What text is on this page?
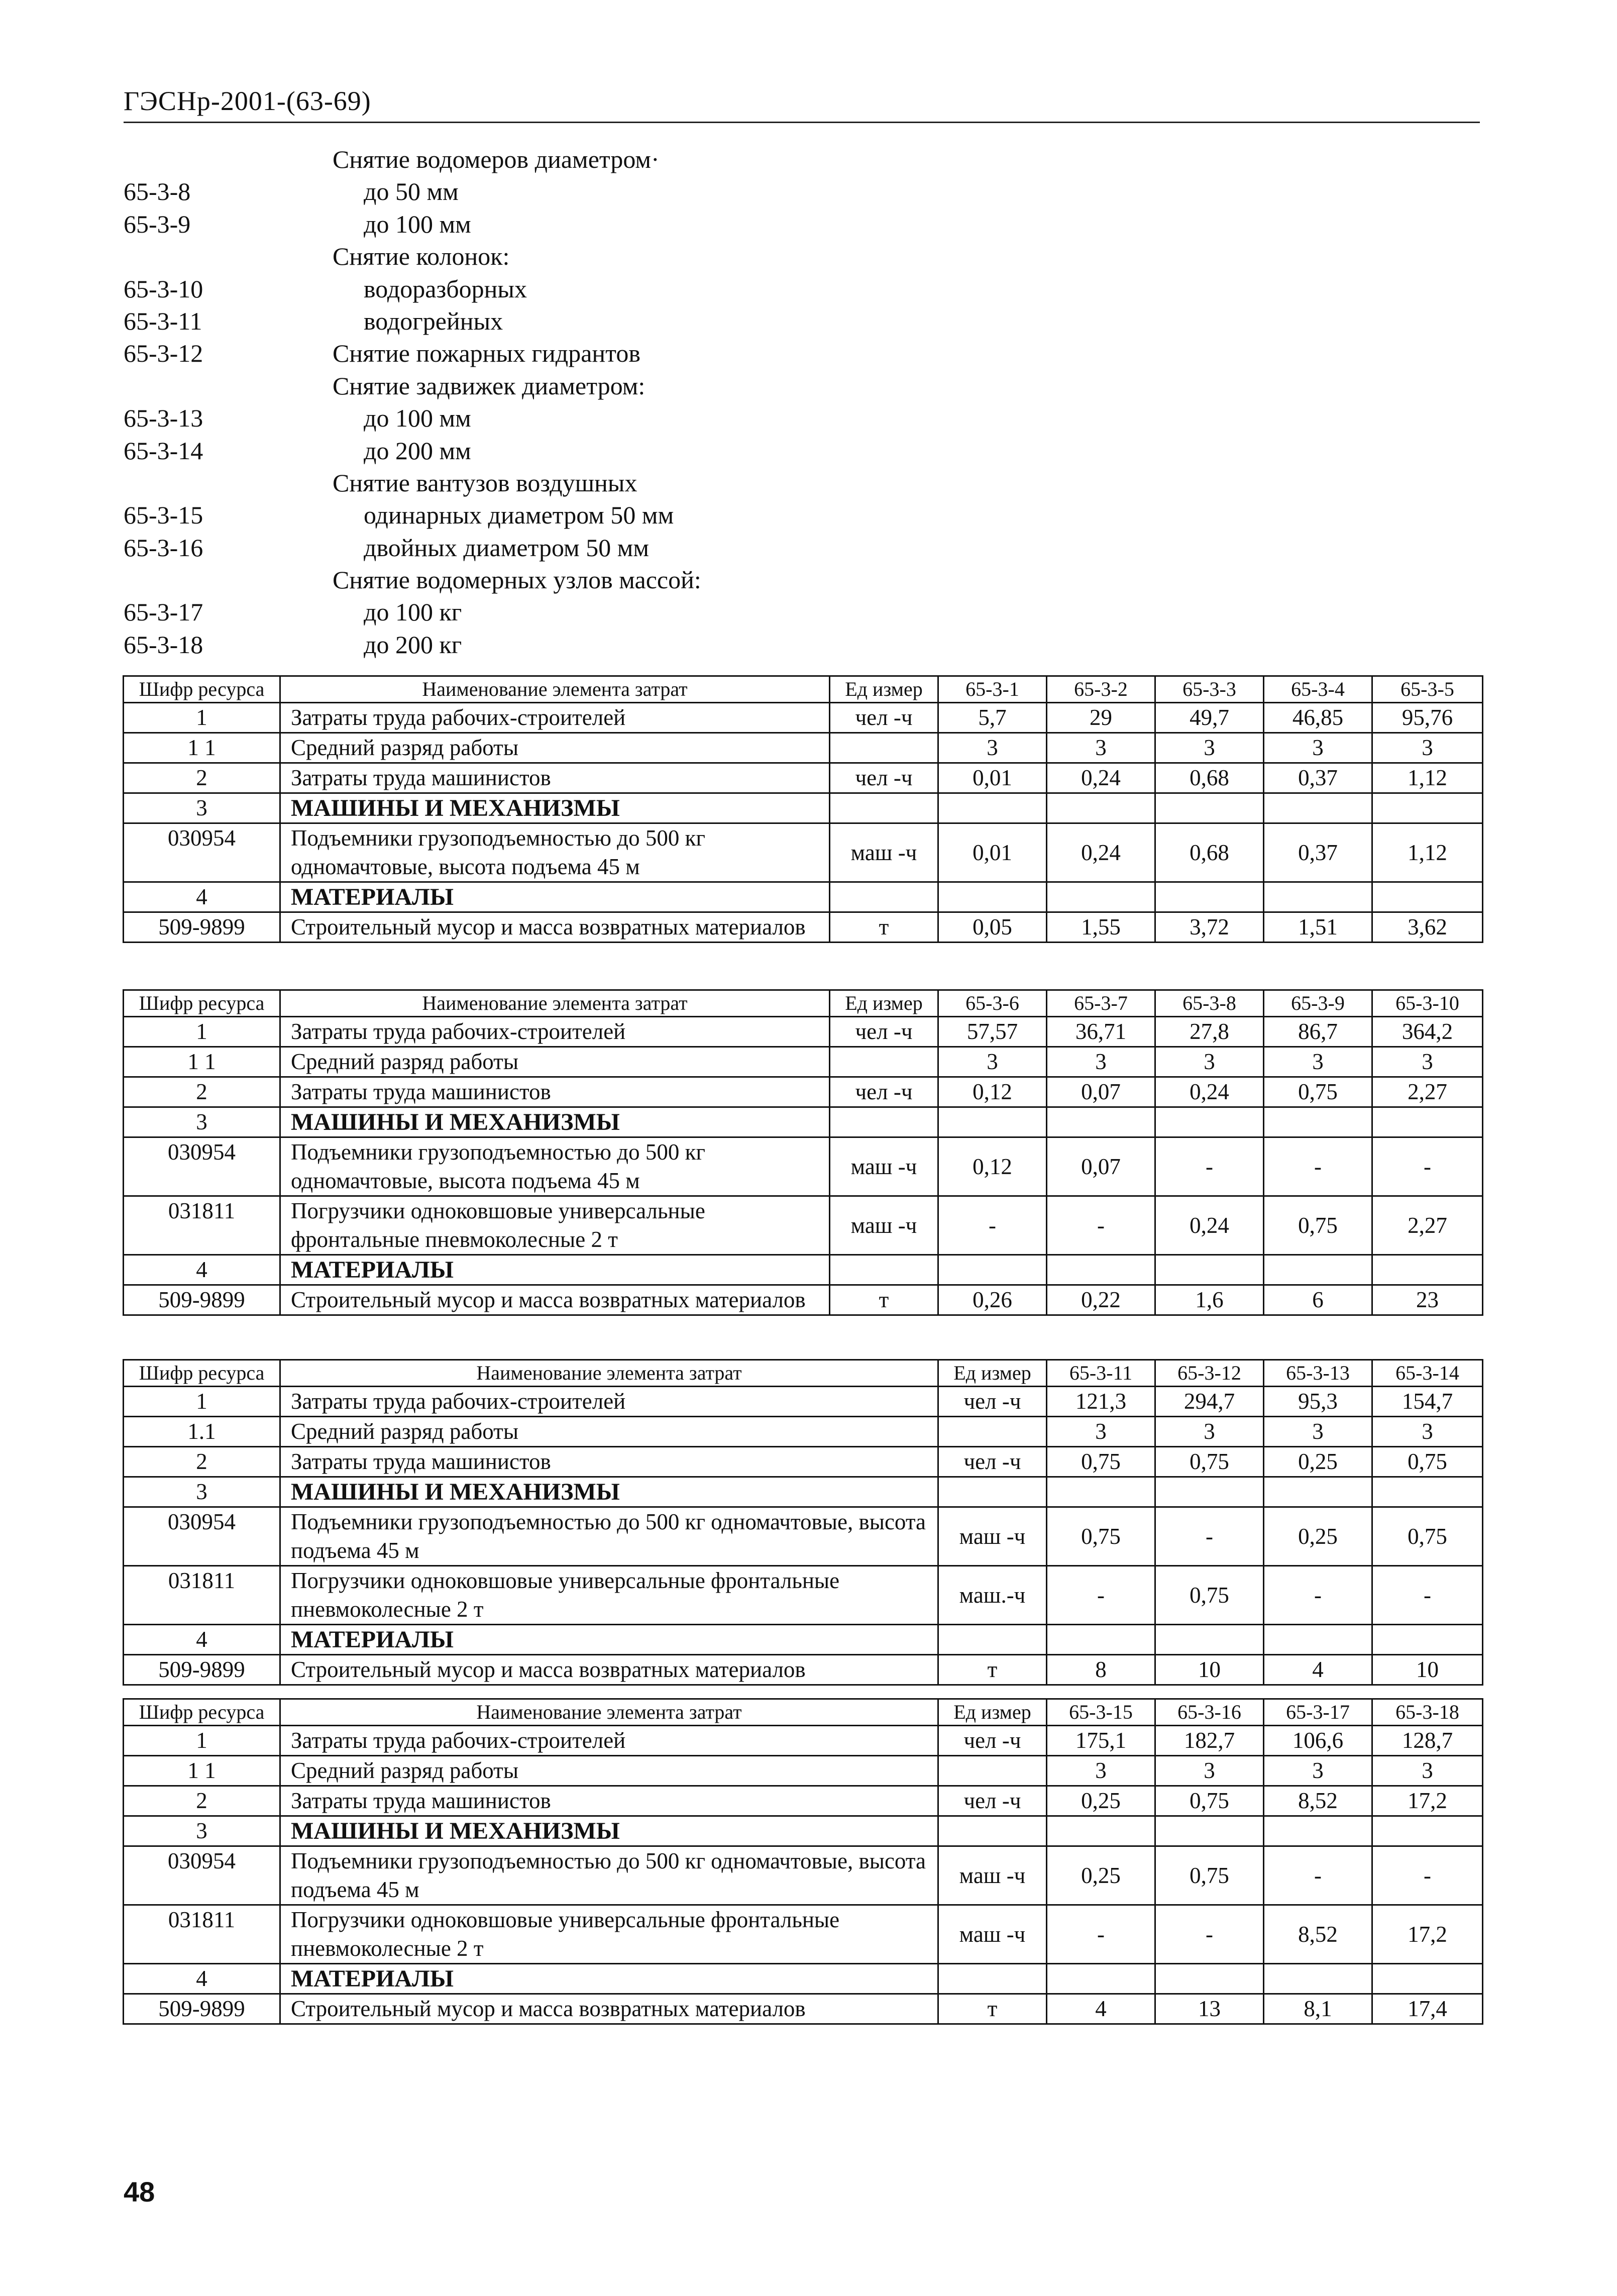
ГЭСНр-2001-(63-69)
Снятие водомеров диаметром·
65-3-8	до 50 мм
65-3-9	до 100 мм
Снятие колонок:
65-3-10	водоразборных
65-3-11	водогрейных
65-3-12	Снятие пожарных гидрантов
Снятие задвижек диаметром:
65-3-13	до 100 мм
65-3-14	до 200 мм
Снятие вантузов воздушных
65-3-15	одинарных диаметром 50 мм
65-3-16	двойных диаметром 50 мм
Снятие водомерных узлов массой:
65-3-17	до 100 кг
65-3-18	до 200 кг
Шифр ресурса	Наименование элемента затрат	Ед измер	65-3-1	65-3-2	65-3-3	65-3-4	65-3-5
1	Затраты труда рабочих-строителей	чел -ч	5,7	29	49,7	46,85	95,76
1 1	Средний разряд работы		3	3	3	3	3
2	Затраты труда машинистов	чел -ч	0,01	0,24	0,68	0,37	1,12
3	МАШИНЫ И МЕХАНИЗМЫ						
030954	Подъемники грузоподъемностью до 500 кг одномачтовые, высота подъема 45 м	маш -ч	0,01	0,24	0,68	0,37	1,12
4	МАТЕРИАЛЫ						
509-9899	Строительный мусор и масса возвратных материалов	т	0,05	1,55	3,72	1,51	3,62
Шифр ресурса	Наименование элемента затрат	Ед измер	65-3-6	65-3-7	65-3-8	65-3-9	65-3-10
1	Затраты труда рабочих-строителей	чел -ч	57,57	36,71	27,8	86,7	364,2
1 1	Средний разряд работы		3	3	3	3	3
2	Затраты труда машинистов	чел -ч	0,12	0,07	0,24	0,75	2,27
3	МАШИНЫ И МЕХАНИЗМЫ						
030954	Подъемники грузоподъемностью до 500 кг одномачтовые, высота подъема 45 м	маш -ч	0,12	0,07	-	-	-
031811	Погрузчики одноковшовые универсальные фронтальные пневмоколесные 2 т	маш -ч	-	-	0,24	0,75	2,27
4	МАТЕРИАЛЫ						
509-9899	Строительный мусор и масса возвратных материалов	т	0,26	0,22	1,6	6	23
Шифр ресурса	Наименование элемента затрат	Ед измер	65-3-11	65-3-12	65-3-13	65-3-14
1	Затраты труда рабочих-строителей	чел -ч	121,3	294,7	95,3	154,7
1.1	Средний разряд работы		3	3	3	3
2	Затраты труда машинистов	чел -ч	0,75	0,75	0,25	0,75
3	МАШИНЫ И МЕХАНИЗМЫ					
030954	Подъемники грузоподъемностью до 500 кг одномачтовые, высота подъема 45 м	маш -ч	0,75	-	0,25	0,75
031811	Погрузчики одноковшовые универсальные фронтальные пневмоколесные 2 т	маш.-ч	-	0,75	-	-
4	МАТЕРИАЛЫ					
509-9899	Строительный мусор и масса возвратных материалов	т	8	10	4	10
Шифр ресурса	Наименование элемента затрат	Ед измер	65-3-15	65-3-16	65-3-17	65-3-18
1	Затраты труда рабочих-строителей	чел -ч	175,1	182,7	106,6	128,7
1 1	Средний разряд работы		3	3	3	3
2	Затраты труда машинистов	чел -ч	0,25	0,75	8,52	17,2
3	МАШИНЫ И МЕХАНИЗМЫ					
030954	Подъемники грузоподъемностью до 500 кг одномачтовые, высота подъема 45 м	маш -ч	0,25	0,75	-	-
031811	Погрузчики одноковшовые универсальные фронтальные пневмоколесные 2 т	маш -ч	-	-	8,52	17,2
4	МАТЕРИАЛЫ					
509-9899	Строительный мусор и масса возвратных материалов	т	4	13	8,1	17,4
48
